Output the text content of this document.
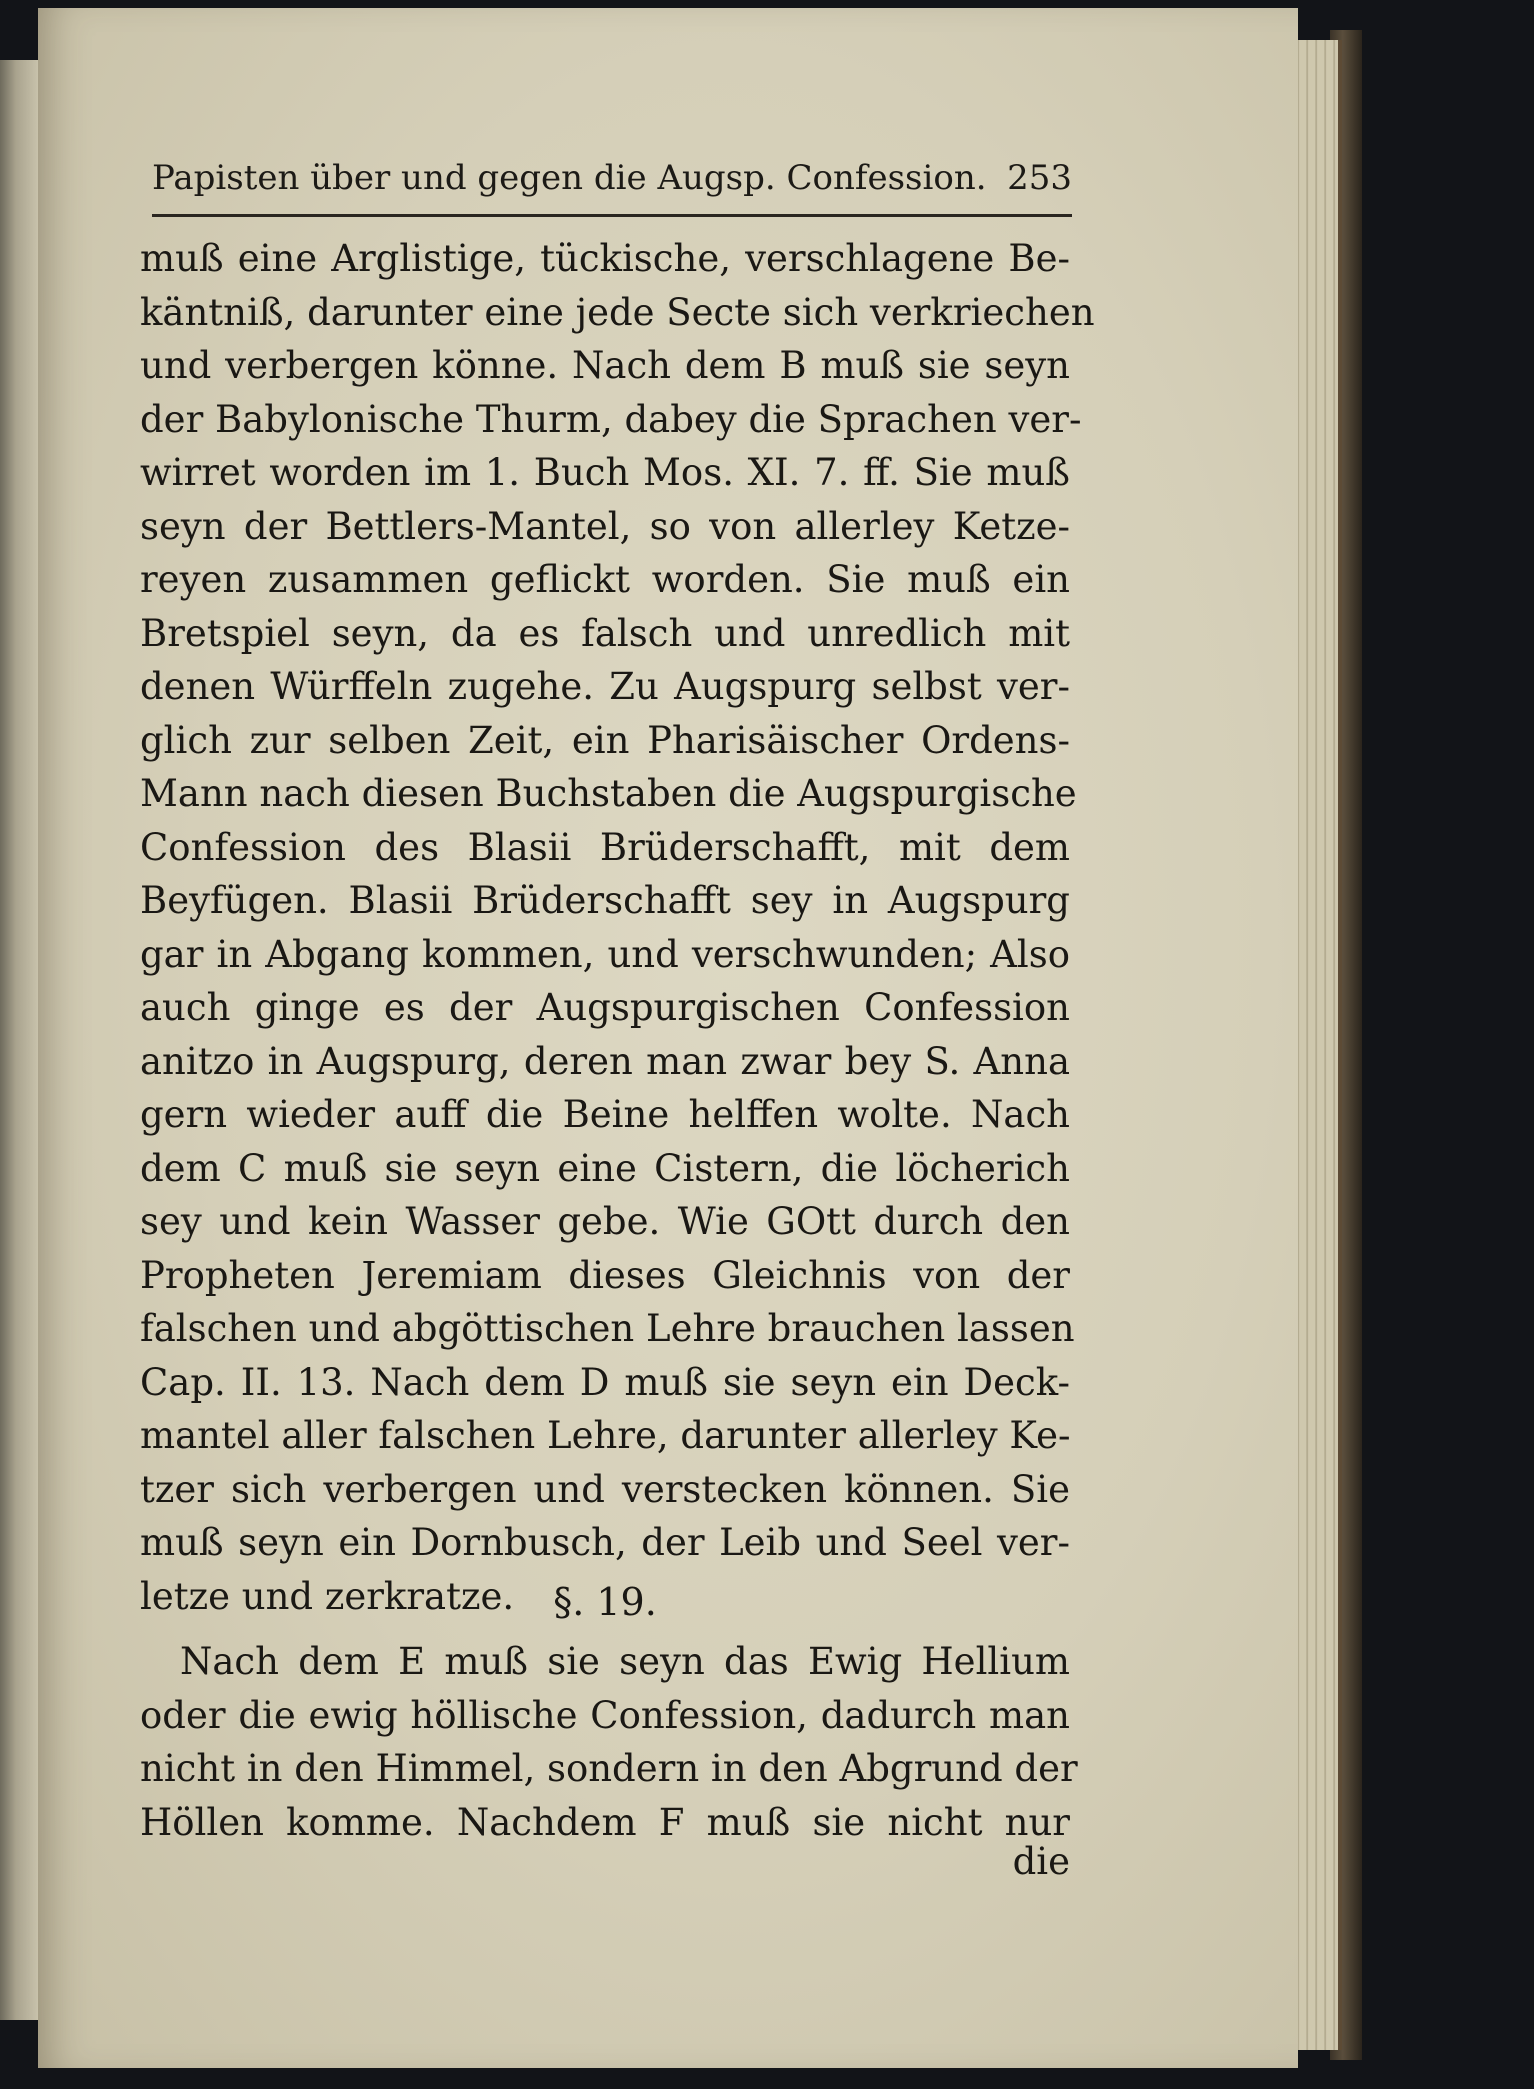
Papisten über und gegen die Augsp. Confession. 253
muß eine Arglistige, tückische, verschlagene Be-
käntniß, darunter eine jede Secte sich verkriechen
und verbergen könne. Nach dem B muß sie seyn
der Babylonische Thurm, dabey die Sprachen ver-
wirret worden im 1. Buch Mos. XI. 7. ff. Sie muß
seyn der Bettlers-Mantel, so von allerley Ketze-
reyen zusammen geflickt worden. Sie muß ein
Bretspiel seyn, da es falsch und unredlich mit
denen Würffeln zugehe. Zu Augspurg selbst ver-
glich zur selben Zeit, ein Pharisäischer Ordens-
Mann nach diesen Buchstaben die Augspurgische
Confession des Blasii Brüderschafft, mit dem
Beyfügen. Blasii Brüderschafft sey in Augspurg
gar in Abgang kommen, und verschwunden; Also
auch ginge es der Augspurgischen Confession
anitzo in Augspurg, deren man zwar bey S. Anna
gern wieder auff die Beine helffen wolte. Nach
dem C muß sie seyn eine Cistern, die löcherich
sey und kein Wasser gebe. Wie GOtt durch den
Propheten Jeremiam dieses Gleichnis von der
falschen und abgöttischen Lehre brauchen lassen
Cap. II. 13. Nach dem D muß sie seyn ein Deck-
mantel aller falschen Lehre, darunter allerley Ke-
tzer sich verbergen und verstecken können. Sie
muß seyn ein Dornbusch, der Leib und Seel ver-
letze und zerkratze.	§. 19.
Nach dem E muß sie seyn das Ewig Hellium
oder die ewig höllische Confession, dadurch man
nicht in den Himmel, sondern in den Abgrund der
Höllen komme. Nachdem F muß sie nicht nur
die
